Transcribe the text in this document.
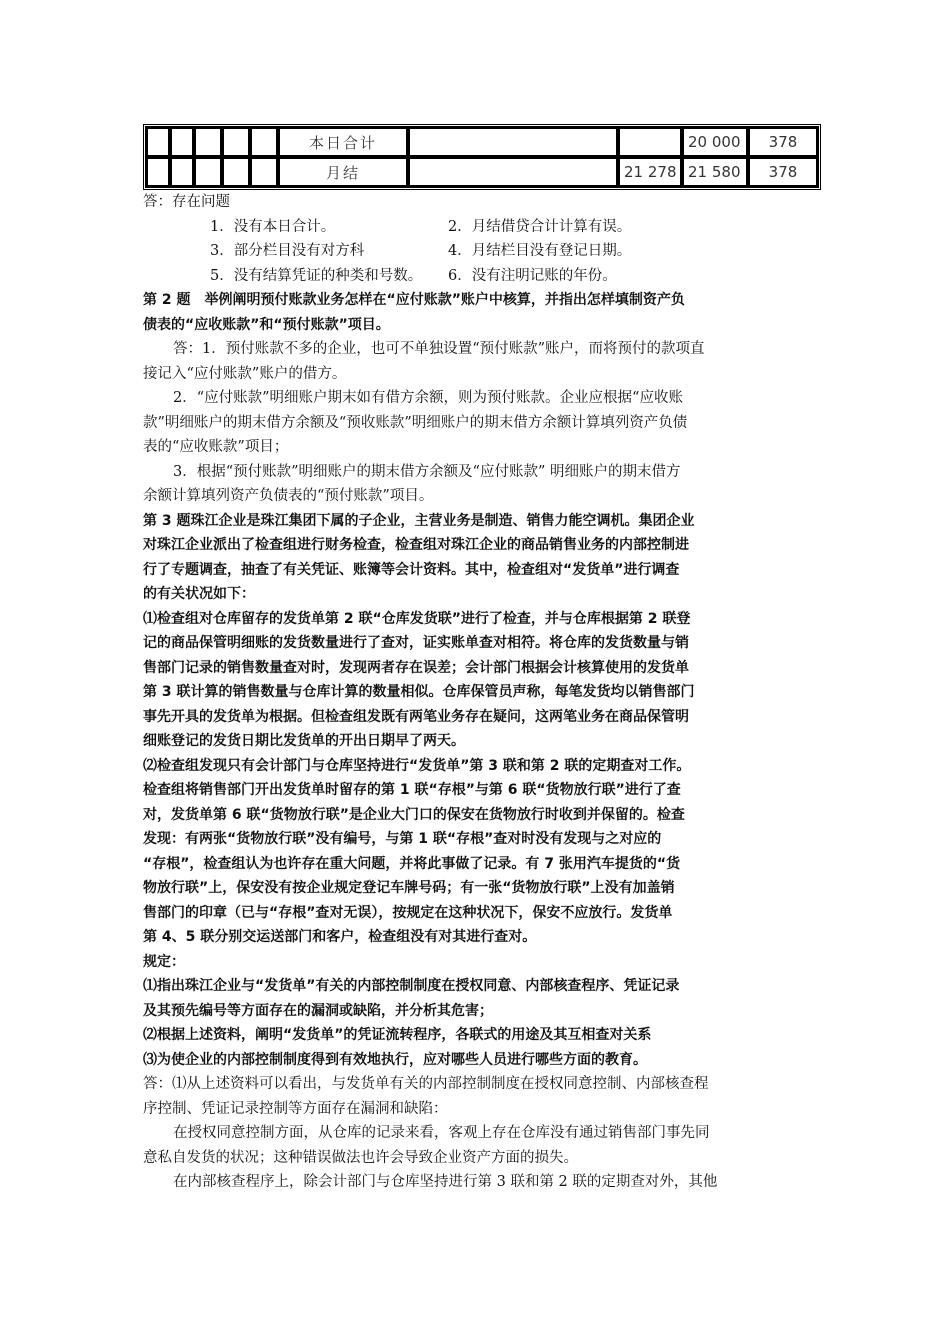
					本日合计			20 000	378
					月结		21 278	21 580	378
答：存在问题
1．没有本日合计。	2．月结借贷合计计算有误。
3．部分栏目没有对方科	4．月结栏目没有登记日期。
5．没有结算凭证的种类和号数。 6．没有注明记账的年份。
第 2 题　举例阐明预付账款业务怎样在“应付账款”账户中核算，并指出怎样填制资产负
债表的“应收账款”和“预付账款”项目。
答：1．预付账款不多的企业，也可不单独设置“预付账款”账户，而将预付的款项直
接记入“应付账款”账户的借方。
2．“应付账款”明细账户期末如有借方余额，则为预付账款。企业应根据“应收账
款”明细账户的期末借方余额及“预收账款”明细账户的期末借方余额计算填列资产负债
表的“应收账款”项目；
3．根据“预付账款”明细账户的期末借方余额及“应付账款” 明细账户的期末借方
余额计算填列资产负债表的“预付账款”项目。
第 3 题珠江企业是珠江集团下属的子企业，主营业务是制造、销售力能空调机。集团企业
对珠江企业派出了检查组进行财务检查，检查组对珠江企业的商品销售业务的内部控制进
行了专题调查，抽查了有关凭证、账簿等会计资料。其中，检查组对“发货单”进行调查
的有关状况如下：
⑴检查组对仓库留存的发货单第 2 联“仓库发货联”进行了检查，并与仓库根据第 2 联登
记的商品保管明细账的发货数量进行了查对，证实账单查对相符。将仓库的发货数量与销
售部门记录的销售数量查对时，发现两者存在误差；会计部门根据会计核算使用的发货单
第 3 联计算的销售数量与仓库计算的数量相似。仓库保管员声称，每笔发货均以销售部门
事先开具的发货单为根据。但检查组发既有两笔业务存在疑问，这两笔业务在商品保管明
细账登记的发货日期比发货单的开出日期早了两天。
⑵检查组发现只有会计部门与仓库坚持进行“发货单”第 3 联和第 2 联的定期查对工作。
检查组将销售部门开出发货单时留存的第 1 联“存根”与第 6 联“货物放行联”进行了查
对，发货单第 6 联“货物放行联”是企业大门口的保安在货物放行时收到并保留的。检查
发现：有两张“货物放行联”没有编号，与第 1 联“存根”查对时没有发现与之对应的
“存根”，检查组认为也许存在重大问题，并将此事做了记录。有 7 张用汽车提货的“货
物放行联”上，保安没有按企业规定登记车牌号码；有一张“货物放行联”上没有加盖销
售部门的印章（已与“存根”查对无误），按规定在这种状况下，保安不应放行。发货单
第 4、5 联分别交运送部门和客户，检查组没有对其进行查对。
规定：
⑴指出珠江企业与“发货单”有关的内部控制制度在授权同意、内部核查程序、凭证记录
及其预先编号等方面存在的漏洞或缺陷，并分析其危害；
⑵根据上述资料，阐明“发货单”的凭证流转程序，各联式的用途及其互相查对关系
⑶为使企业的内部控制制度得到有效地执行，应对哪些人员进行哪些方面的教育。
答：⑴从上述资料可以看出，与发货单有关的内部控制制度在授权同意控制、内部核查程
序控制、凭证记录控制等方面存在漏洞和缺陷：
在授权同意控制方面，从仓库的记录来看，客观上存在仓库没有通过销售部门事先同
意私自发货的状况；这种错误做法也许会导致企业资产方面的损失。
在内部核查程序上，除会计部门与仓库坚持进行第 3 联和第 2 联的定期查对外，其他
